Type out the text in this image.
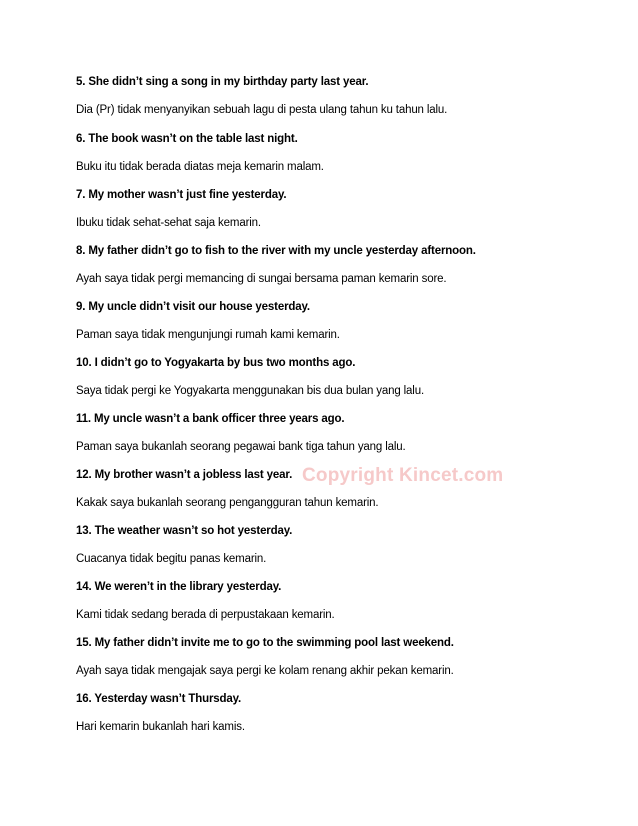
5. She didn’t sing a song in my birthday party last year.
Dia (Pr) tidak menyanyikan sebuah lagu di pesta ulang tahun ku tahun lalu.
6. The book wasn’t on the table last night.
Buku itu tidak berada diatas meja kemarin malam.
7. My mother wasn’t just fine yesterday.
Ibuku tidak sehat-sehat saja kemarin.
8. My father didn’t go to fish to the river with my uncle yesterday afternoon.
Ayah saya tidak pergi memancing di sungai bersama paman kemarin sore.
9. My uncle didn’t visit our house yesterday.
Paman saya tidak mengunjungi rumah kami kemarin.
10. I didn’t go to Yogyakarta by bus two months ago.
Saya tidak pergi ke Yogyakarta menggunakan bis dua bulan yang lalu.
11. My uncle wasn’t a bank officer three years ago.
Paman saya bukanlah seorang pegawai bank tiga tahun yang lalu.
12. My brother wasn’t a jobless last year. Copyright Kincet.com
Kakak saya bukanlah seorang pengangguran tahun kemarin.
13. The weather wasn’t so hot yesterday.
Cuacanya tidak begitu panas kemarin.
14. We weren’t in the library yesterday.
Kami tidak sedang berada di perpustakaan kemarin.
15. My father didn’t invite me to go to the swimming pool last weekend.
Ayah saya tidak mengajak saya pergi ke kolam renang akhir pekan kemarin.
16. Yesterday wasn’t Thursday.
Hari kemarin bukanlah hari kamis.
